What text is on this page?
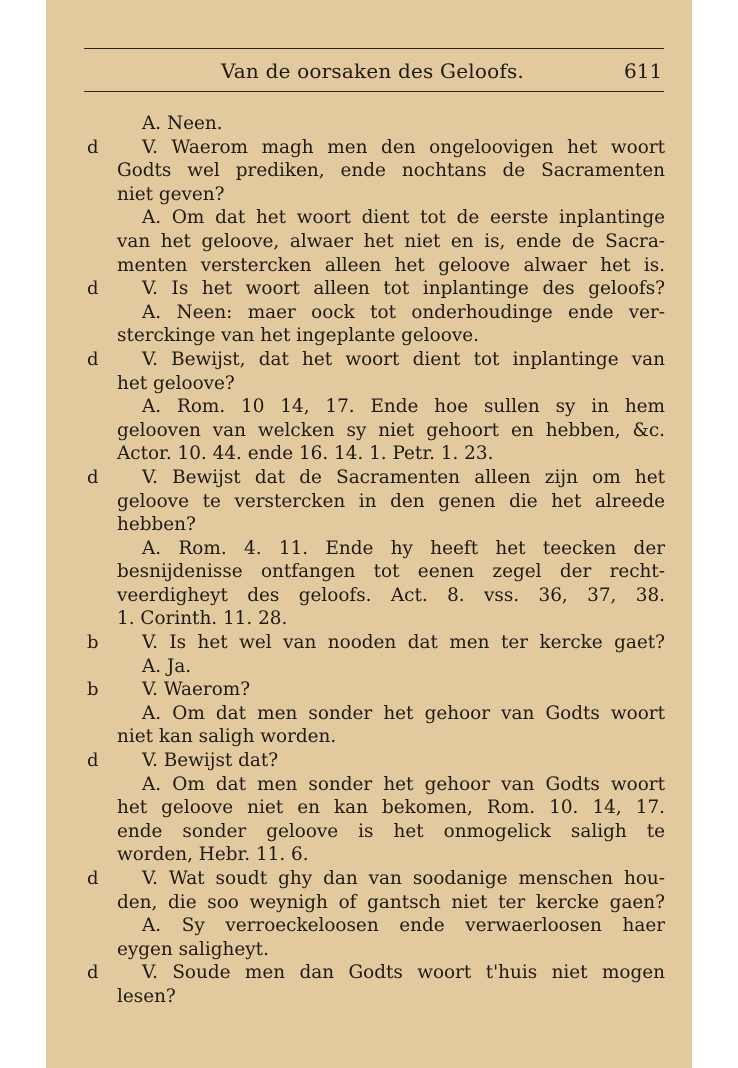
Van de oorsaken des Geloofs.	611
A. Neen.
d V. Waerom magh men den ongeloovigen het woort
Godts wel prediken, ende nochtans de Sacramenten
niet geven?
A. Om dat het woort dient tot de eerste inplantinge
van het geloove, alwaer het niet en is, ende de Sacra-
menten verstercken alleen het geloove alwaer het is.
d V. Is het woort alleen tot inplantinge des geloofs?
A. Neen: maer oock tot onderhoudinge ende ver-
sterckinge van het ingeplante geloove.
d V. Bewijst, dat het woort dient tot inplantinge van
het geloove?
A. Rom. 10 14, 17. Ende hoe sullen sy in hem
gelooven van welcken sy niet gehoort en hebben, &c.
Actor. 10. 44. ende 16. 14. 1. Petr. 1. 23.
d V. Bewijst dat de Sacramenten alleen zijn om het
geloove te verstercken in den genen die het alreede
hebben?
A. Rom. 4. 11. Ende hy heeft het teecken der
besnijdenisse ontfangen tot eenen zegel der recht-
veerdigheyt des geloofs. Act. 8. vss. 36, 37, 38.
1. Corinth. 11. 28.
b V. Is het wel van nooden dat men ter kercke gaet?
A. Ja.
b V. Waerom?
A. Om dat men sonder het gehoor van Godts woort
niet kan saligh worden.
d V. Bewijst dat?
A. Om dat men sonder het gehoor van Godts woort
het geloove niet en kan bekomen, Rom. 10. 14, 17.
ende sonder geloove is het onmogelick saligh te
worden, Hebr. 11. 6.
d V. Wat soudt ghy dan van soodanige menschen hou-
den, die soo weynigh of gantsch niet ter kercke gaen?
A. Sy verroeckeloosen ende verwaerloosen haer
eygen saligheyt.
d V. Soude men dan Godts woort t'huis niet mogen
lesen?
